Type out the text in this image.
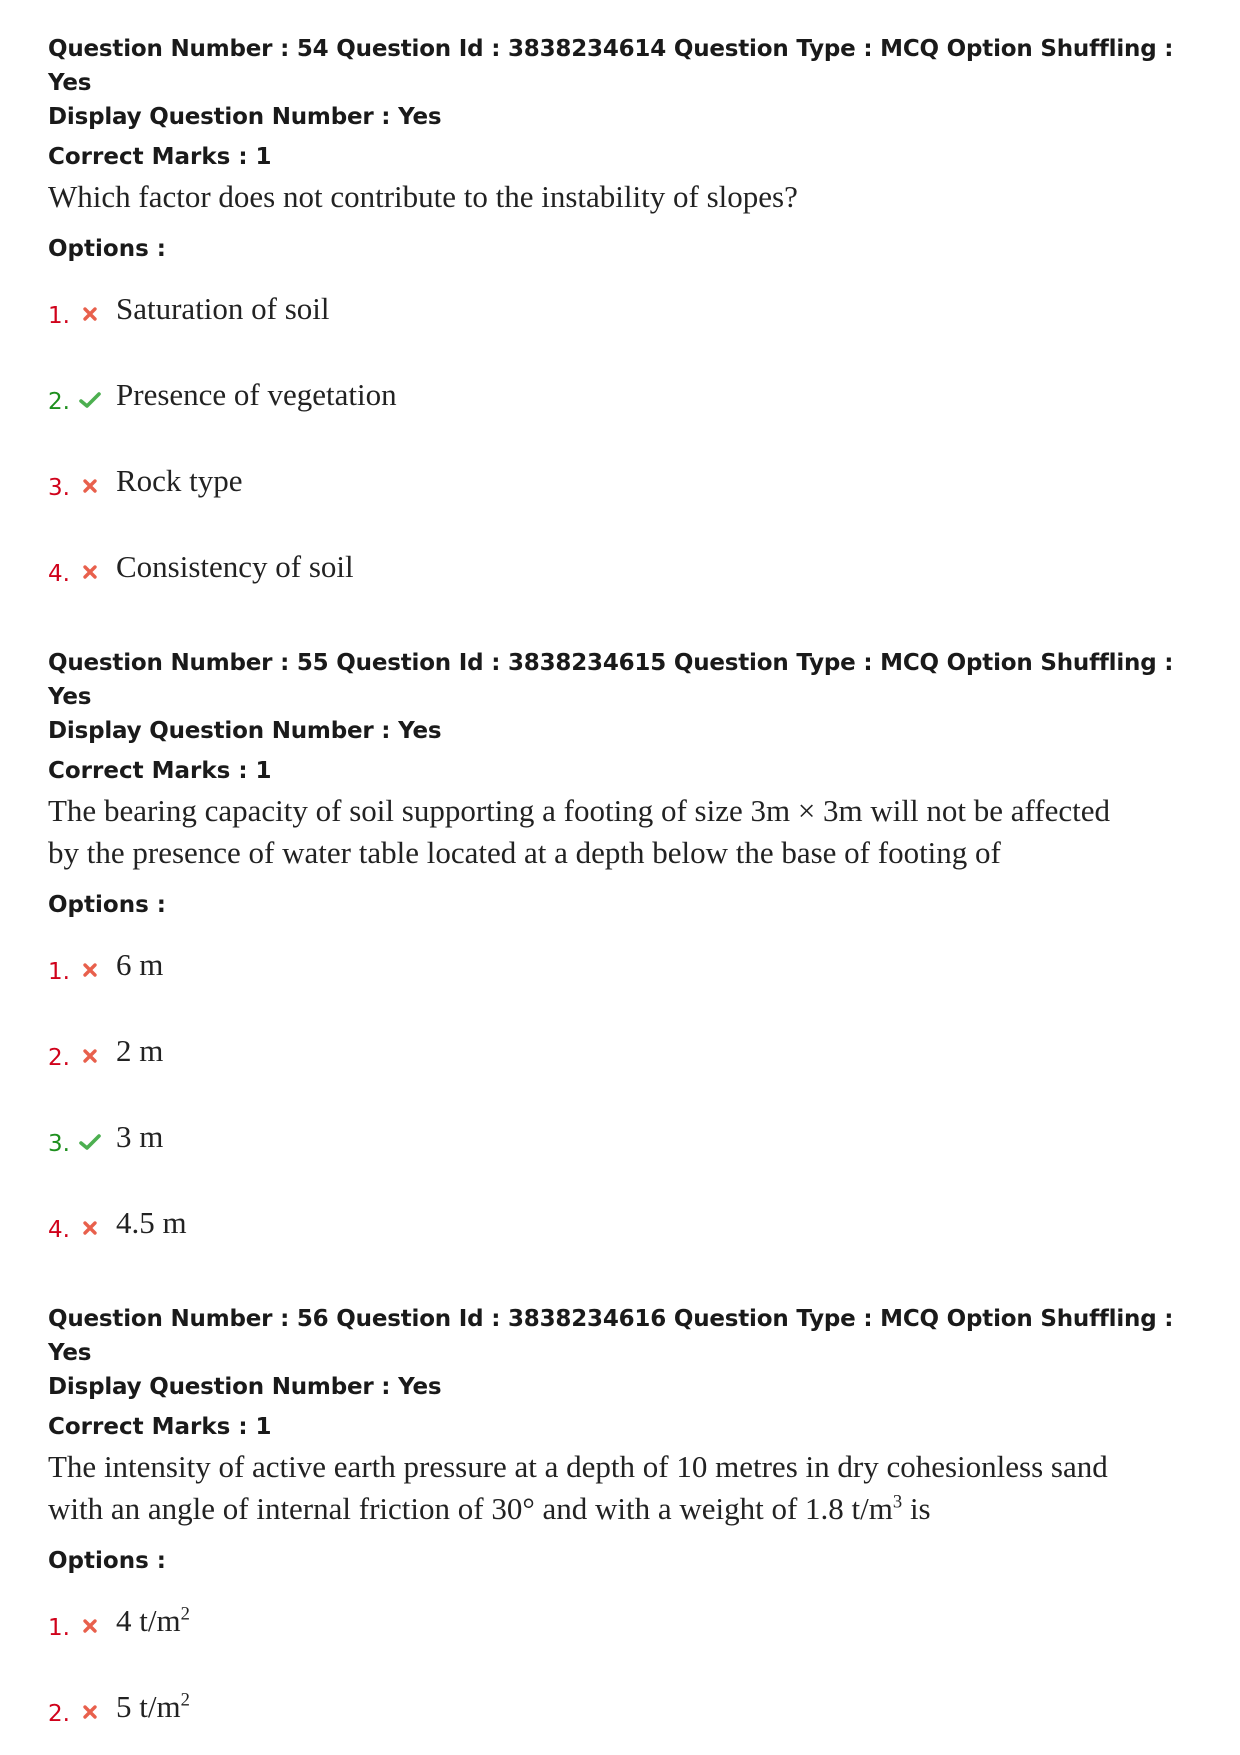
Question Number : 54 Question Id : 3838234614 Question Type : MCQ Option Shuffling : Yes
Display Question Number : Yes
Correct Marks : 1
Which factor does not contribute to the instability of slopes?
Options :
1. Saturation of soil
2. Presence of vegetation
3. Rock type
4. Consistency of soil
Question Number : 55 Question Id : 3838234615 Question Type : MCQ Option Shuffling : Yes
Display Question Number : Yes
Correct Marks : 1
The bearing capacity of soil supporting a footing of size 3m × 3m will not be affected
by the presence of water table located at a depth below the base of footing of
Options :
1. 6 m
2. 2 m
3. 3 m
4. 4.5 m
Question Number : 56 Question Id : 3838234616 Question Type : MCQ Option Shuffling : Yes
Display Question Number : Yes
Correct Marks : 1
The intensity of active earth pressure at a depth of 10 metres in dry cohesionless sand
with an angle of internal friction of 30° and with a weight of 1.8 $t/m^3$ is
Options :
1. 4 $t/m^2$
2. 5 $t/m^2$
